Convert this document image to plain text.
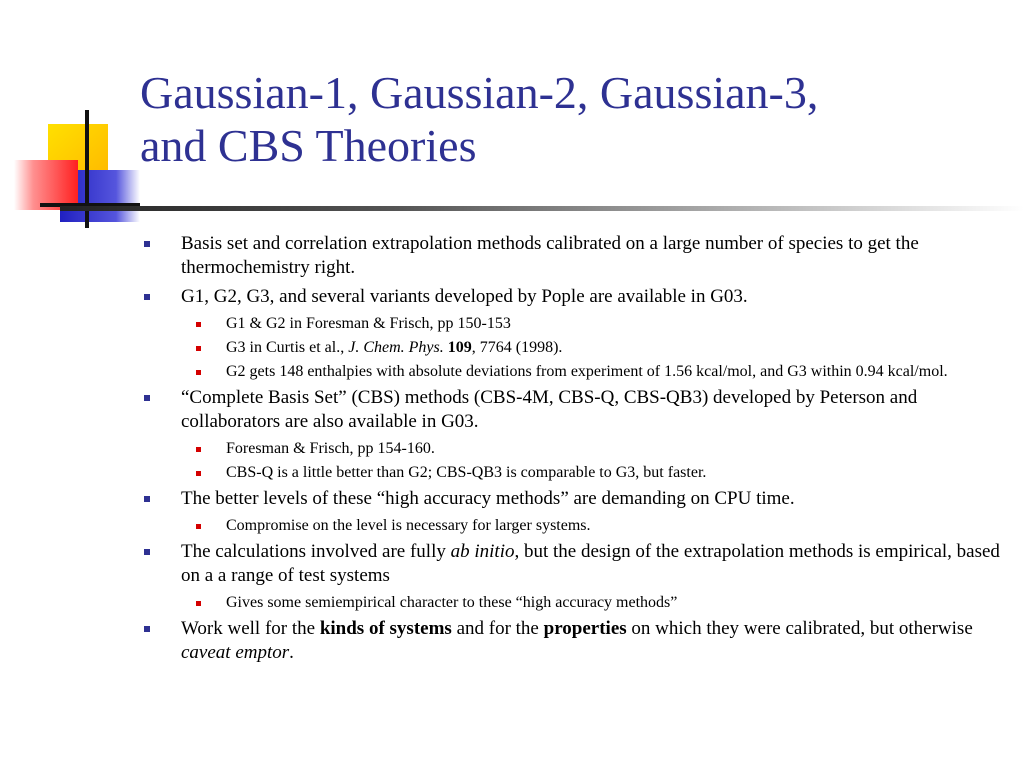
Gaussian-1, Gaussian-2, Gaussian-3,
and CBS Theories
Basis set and correlation extrapolation methods calibrated on a large number of species to get the thermochemistry right.
G1, G2, G3, and several variants developed by Pople are available in G03.
G1 & G2 in Foresman & Frisch, pp 150-153
G3 in Curtis et al., J. Chem. Phys. 109, 7764 (1998).
G2 gets 148 enthalpies with absolute deviations from experiment of 1.56 kcal/mol, and G3 within 0.94 kcal/mol.
“Complete Basis Set” (CBS) methods (CBS-4M, CBS-Q, CBS-QB3) developed by Peterson and collaborators are also available in G03.
Foresman & Frisch, pp 154-160.
CBS-Q is a little better than G2; CBS-QB3 is comparable to G3, but faster.
The better levels of these “high accuracy methods” are demanding on CPU time.
Compromise on the level is necessary for larger systems.
The calculations involved are fully ab initio, but the design of the extrapolation methods is empirical, based on a a range of test systems
Gives some semiempirical character to these “high accuracy methods”
Work well for the kinds of systems and for the properties on which they were calibrated, but otherwise caveat emptor.
